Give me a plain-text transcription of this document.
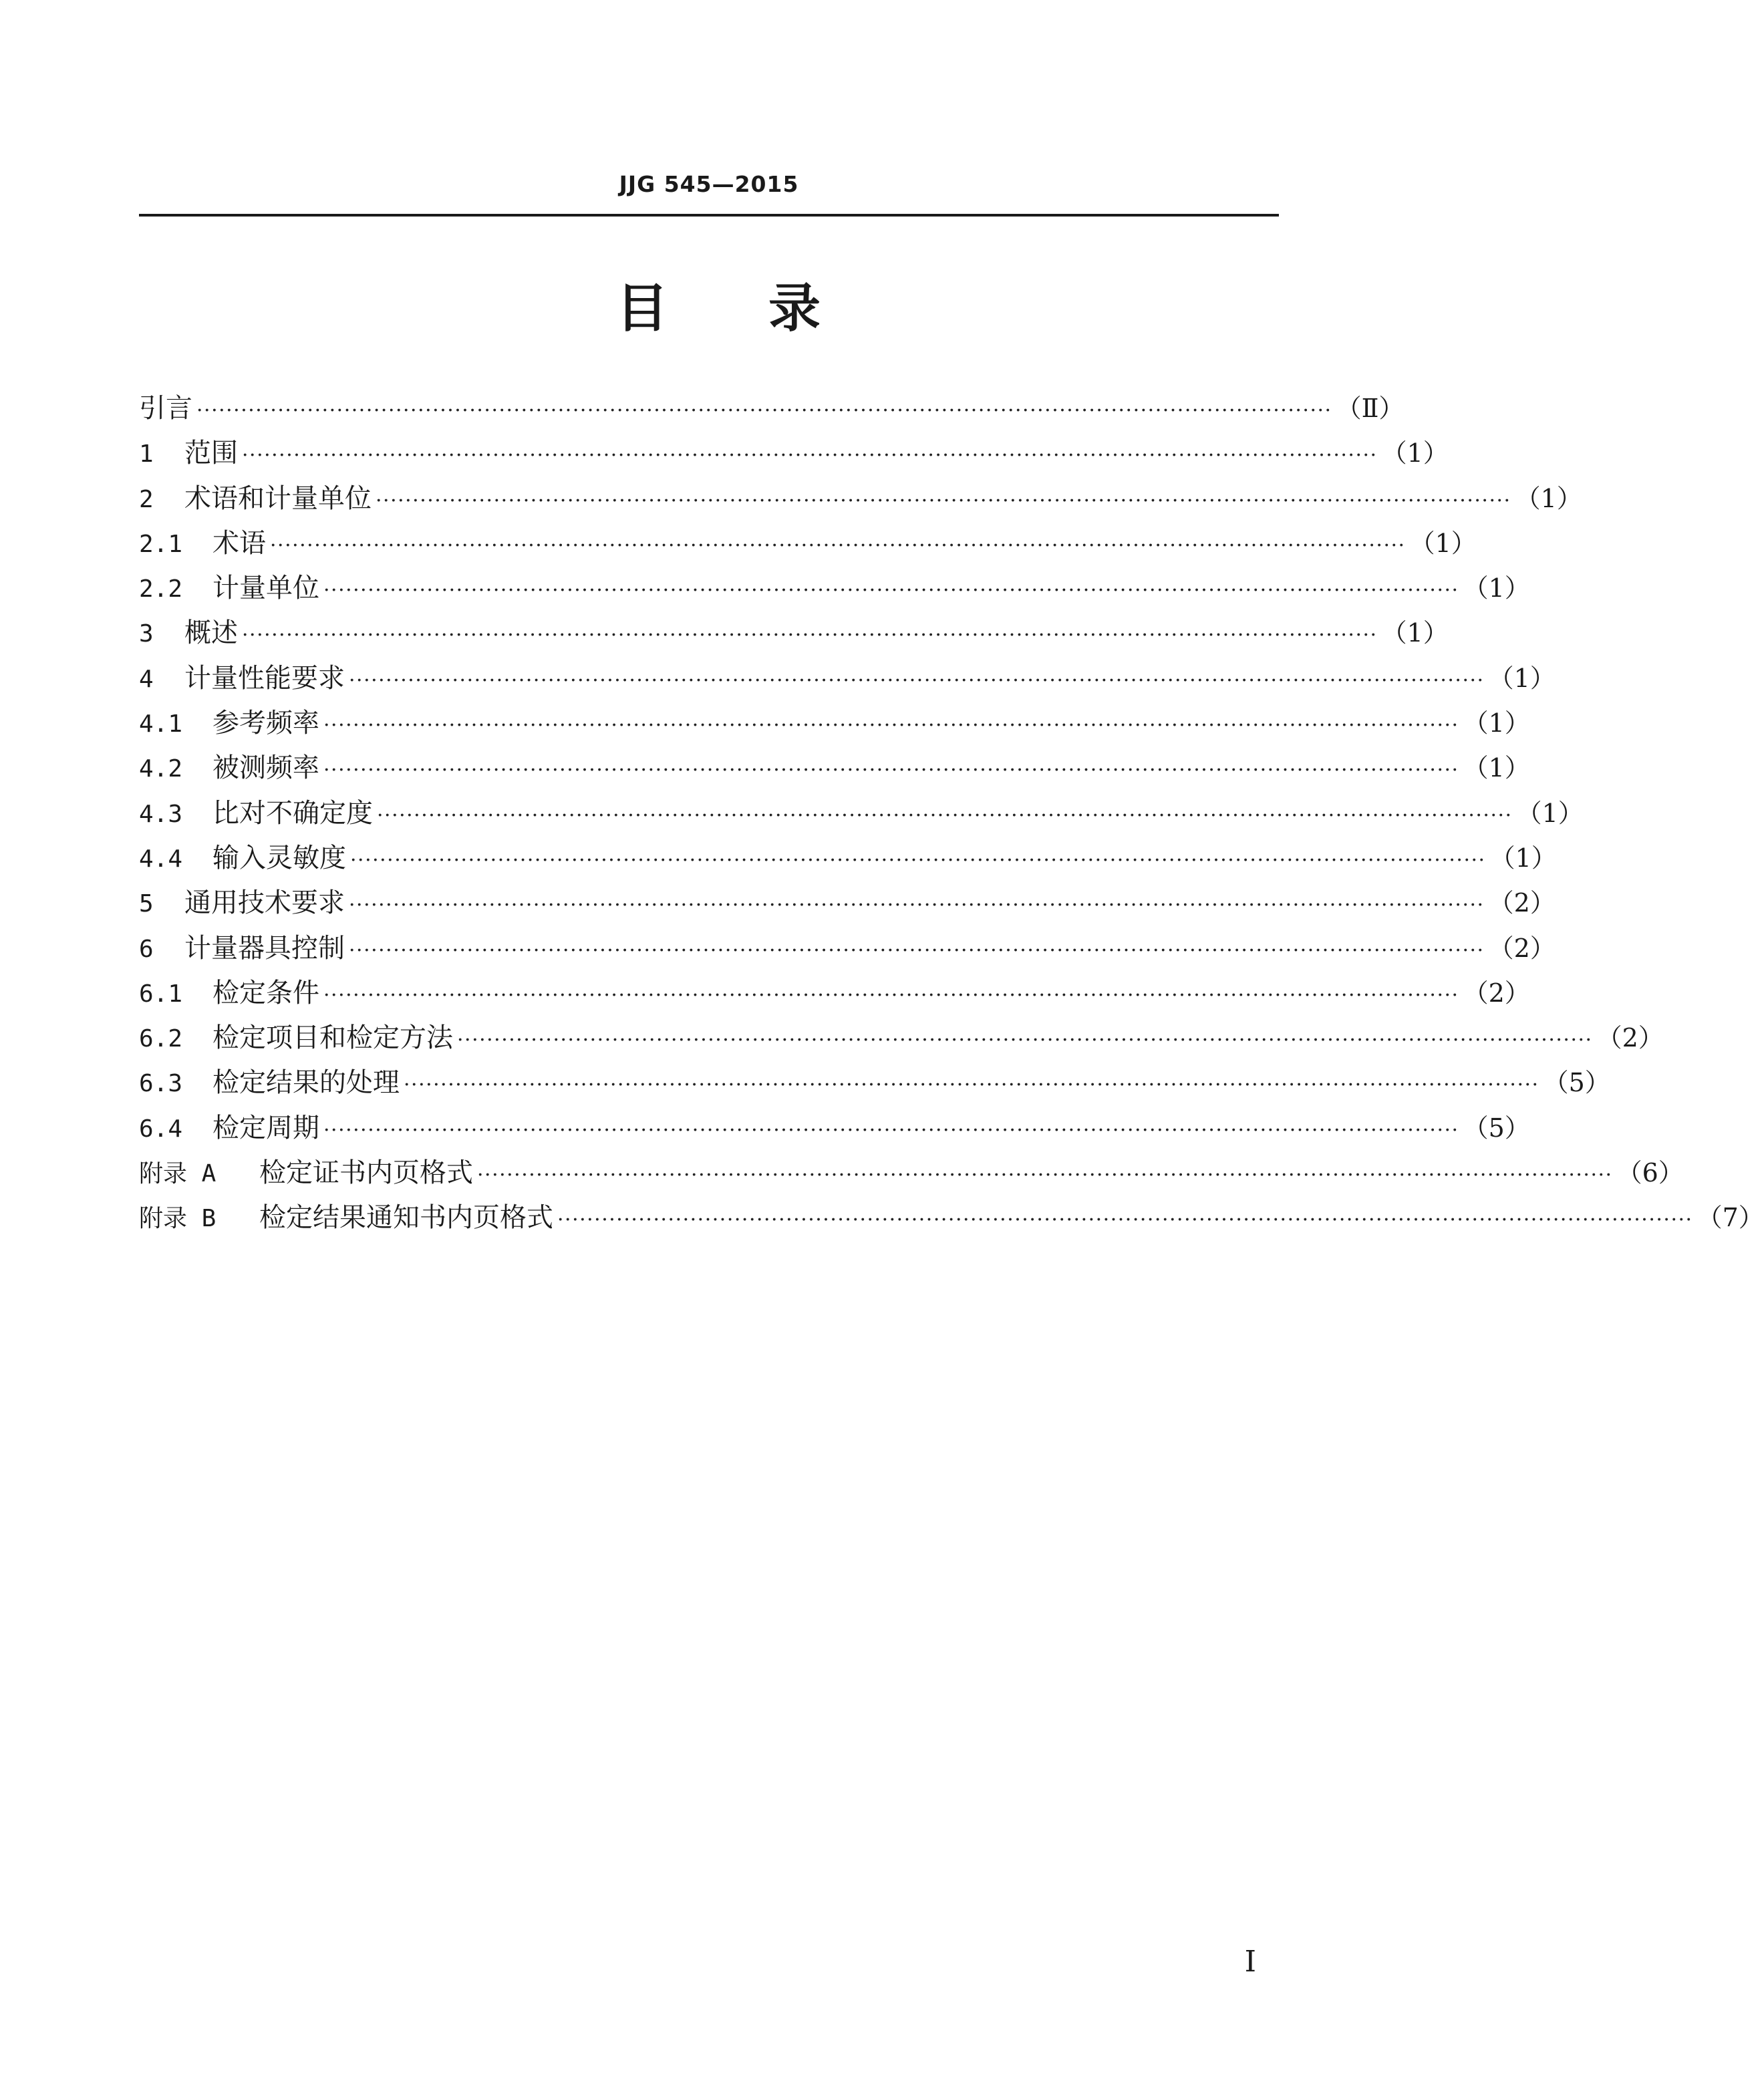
JJG 545—2015
目 录
引言 ·························································································································································· （Ⅱ）
1	范围 ·························································································································································· （1）
2	术语和计量单位 ·························································································································································· （1）
2.1	术语 ·························································································································································· （1）
2.2	计量单位 ·························································································································································· （1）
3	概述 ·························································································································································· （1）
4	计量性能要求 ·························································································································································· （1）
4.1	参考频率 ·························································································································································· （1）
4.2	被测频率 ·························································································································································· （1）
4.3	比对不确定度 ·························································································································································· （1）
4.4	输入灵敏度 ·························································································································································· （1）
5	通用技术要求 ·························································································································································· （2）
6	计量器具控制 ·························································································································································· （2）
6.1	检定条件 ·························································································································································· （2）
6.2	检定项目和检定方法 ·························································································································································· （2）
6.3	检定结果的处理 ·························································································································································· （5）
6.4	检定周期 ·························································································································································· （5）
附录 A	检定证书内页格式 ·························································································································································· （6）
附录 B	检定结果通知书内页格式 ·························································································································································· （7）
I
